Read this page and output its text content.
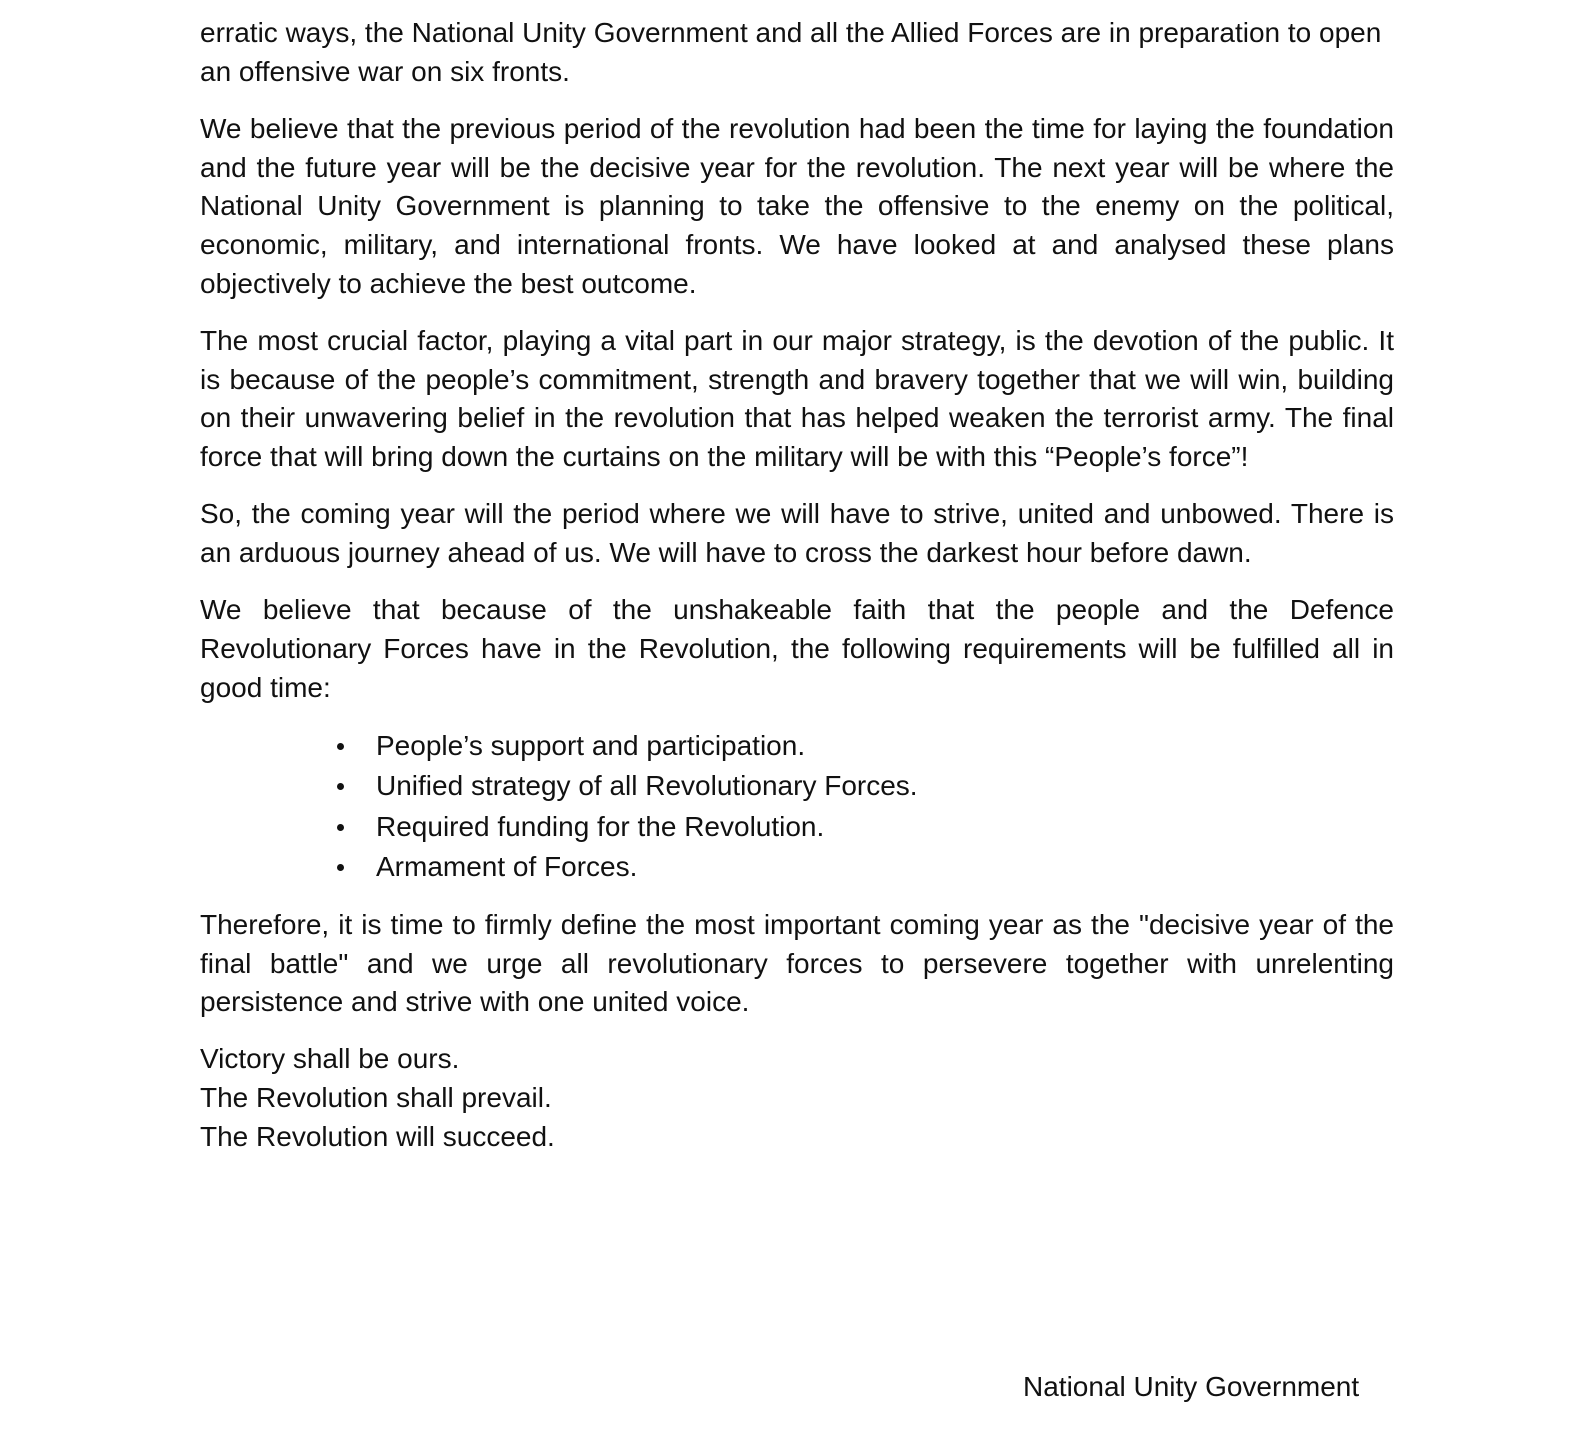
erratic ways, the National Unity Government and all the Allied Forces are in preparation to open an offensive war on six fronts.

We believe that the previous period of the revolution had been the time for laying the foundation and the future year will be the decisive year for the revolution. The next year will be where the National Unity Government is planning to take the offensive to the enemy on the political, economic, military, and international fronts. We have looked at and analysed these plans objectively to achieve the best outcome.

The most crucial factor, playing a vital part in our major strategy, is the devotion of the public. It is because of the people’s commitment, strength and bravery together that we will win, building on their unwavering belief in the revolution that has helped weaken the terrorist army. The final force that will bring down the curtains on the military will be with this “People’s force”!

So, the coming year will the period where we will have to strive, united and unbowed. There is an arduous journey ahead of us. We will have to cross the darkest hour before dawn.

We believe that because of the unshakeable faith that the people and the Defence Revolutionary Forces have in the Revolution, the following requirements will be fulfilled all in good time:

People’s support and participation.
Unified strategy of all Revolutionary Forces.
Required funding for the Revolution.
Armament of Forces.

Therefore, it is time to firmly define the most important coming year as the "decisive year of the final battle" and we urge all revolutionary forces to persevere together with unrelenting persistence and strive with one united voice.

Victory shall be ours.
The Revolution shall prevail.
The Revolution will succeed.
National Unity Government
